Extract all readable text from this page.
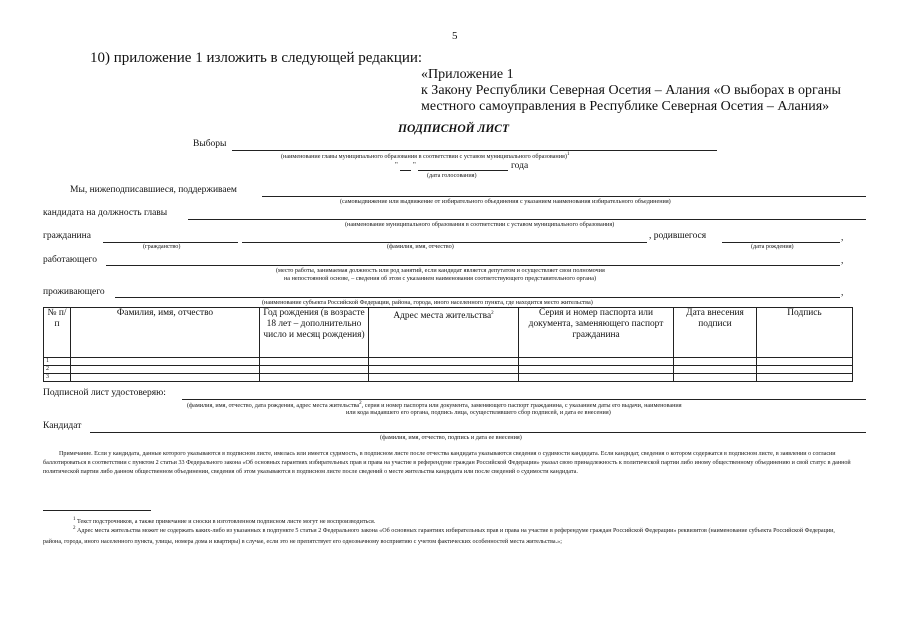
5
10) приложение 1 изложить в следующей редакции:
«Приложение 1
к Закону Республики Северная Осетия – Алания «О выборах в органы
местного самоуправления в Республике Северная Осетия – Алания»
ПОДПИСНОЙ ЛИСТ
Выборы
(наименование главы муниципального образования в соответствии с уставом муниципального образования)$^1$
" "	года
(дата голосования)
Мы, нижеподписавшиеся, поддерживаем
(самовыдвижение или выдвижение от избирательного объединения с указанием наименования избирательного объединения)
кандидата на должность главы
(наименование муниципального образования в соответствии с уставом муниципального образования)
гражданина	, родившегося	,
(гражданство)	(фамилия, имя, отчество)	(дата рождения)
работающего	,
(место работы, занимаемая должность или род занятий, если кандидат является депутатом и осуществляет свои полномочия
на непостоянной основе, – сведения об этом с указанием наименования соответствующего представительного органа)
проживающего	,
(наименование субъекта Российской Федерации, района, города, иного населенного пункта, где находится место жительства)
№ п/п	Фамилия, имя, отчество	Год рождения (в возрасте 18 лет – дополнительно число и месяц рождения)	Адрес места жительства$^2$	Серия и номер паспорта или документа, заменяющего паспорт гражданина	Дата внесения подписи	Подпись
1						
2						
3						
Подписной лист удостоверяю:
(фамилия, имя, отчество, дата рождения, адрес места жительства$^2$, серия и номер паспорта или документа, заменяющего паспорт гражданина, с указанием даты его выдачи, наименования
или кода выдавшего его органа, подпись лица, осуществлявшего сбор подписей, и дата ее внесения)
Кандидат
(фамилия, имя, отчество, подпись и дата ее внесения)
Примечание. Если у кандидата, данные которого указываются в подписном листе, имелась или имеется судимость, в подписном листе после отчества кандидата указываются сведения о судимости кандидата. Если кандидат, сведения о котором содержатся в подписном листе, в заявлении о согласии баллотироваться в соответствии с пунктом 2 статьи 33 Федерального закона «Об основных гарантиях избирательных прав и права на участие в референдуме граждан Российской Федерации» указал свою принадлежность к политической партии либо иному общественному объединению и свой статус в данной политической партии либо данном общественном объединении, сведения об этом указываются в подписном листе после сведений о месте жительства кандидата или после сведений о судимости кандидата.
$^1$ Текст подстрочников, а также примечание и сноски в изготовленном подписном листе могут не воспроизводиться.
$^2$ Адрес места жительства может не содержать каких-либо из указанных в подпункте 5 статьи 2 Федерального закона «Об основных гарантиях избирательных прав и права на участие в референдуме граждан Российской Федерации» реквизитов (наименование субъекта Российской Федерации, района, города, иного населенного пункта, улицы, номера дома и квартиры) в случае, если это не препятствует его однозначному восприятию с учетом фактических особенностей места жительства.»;
